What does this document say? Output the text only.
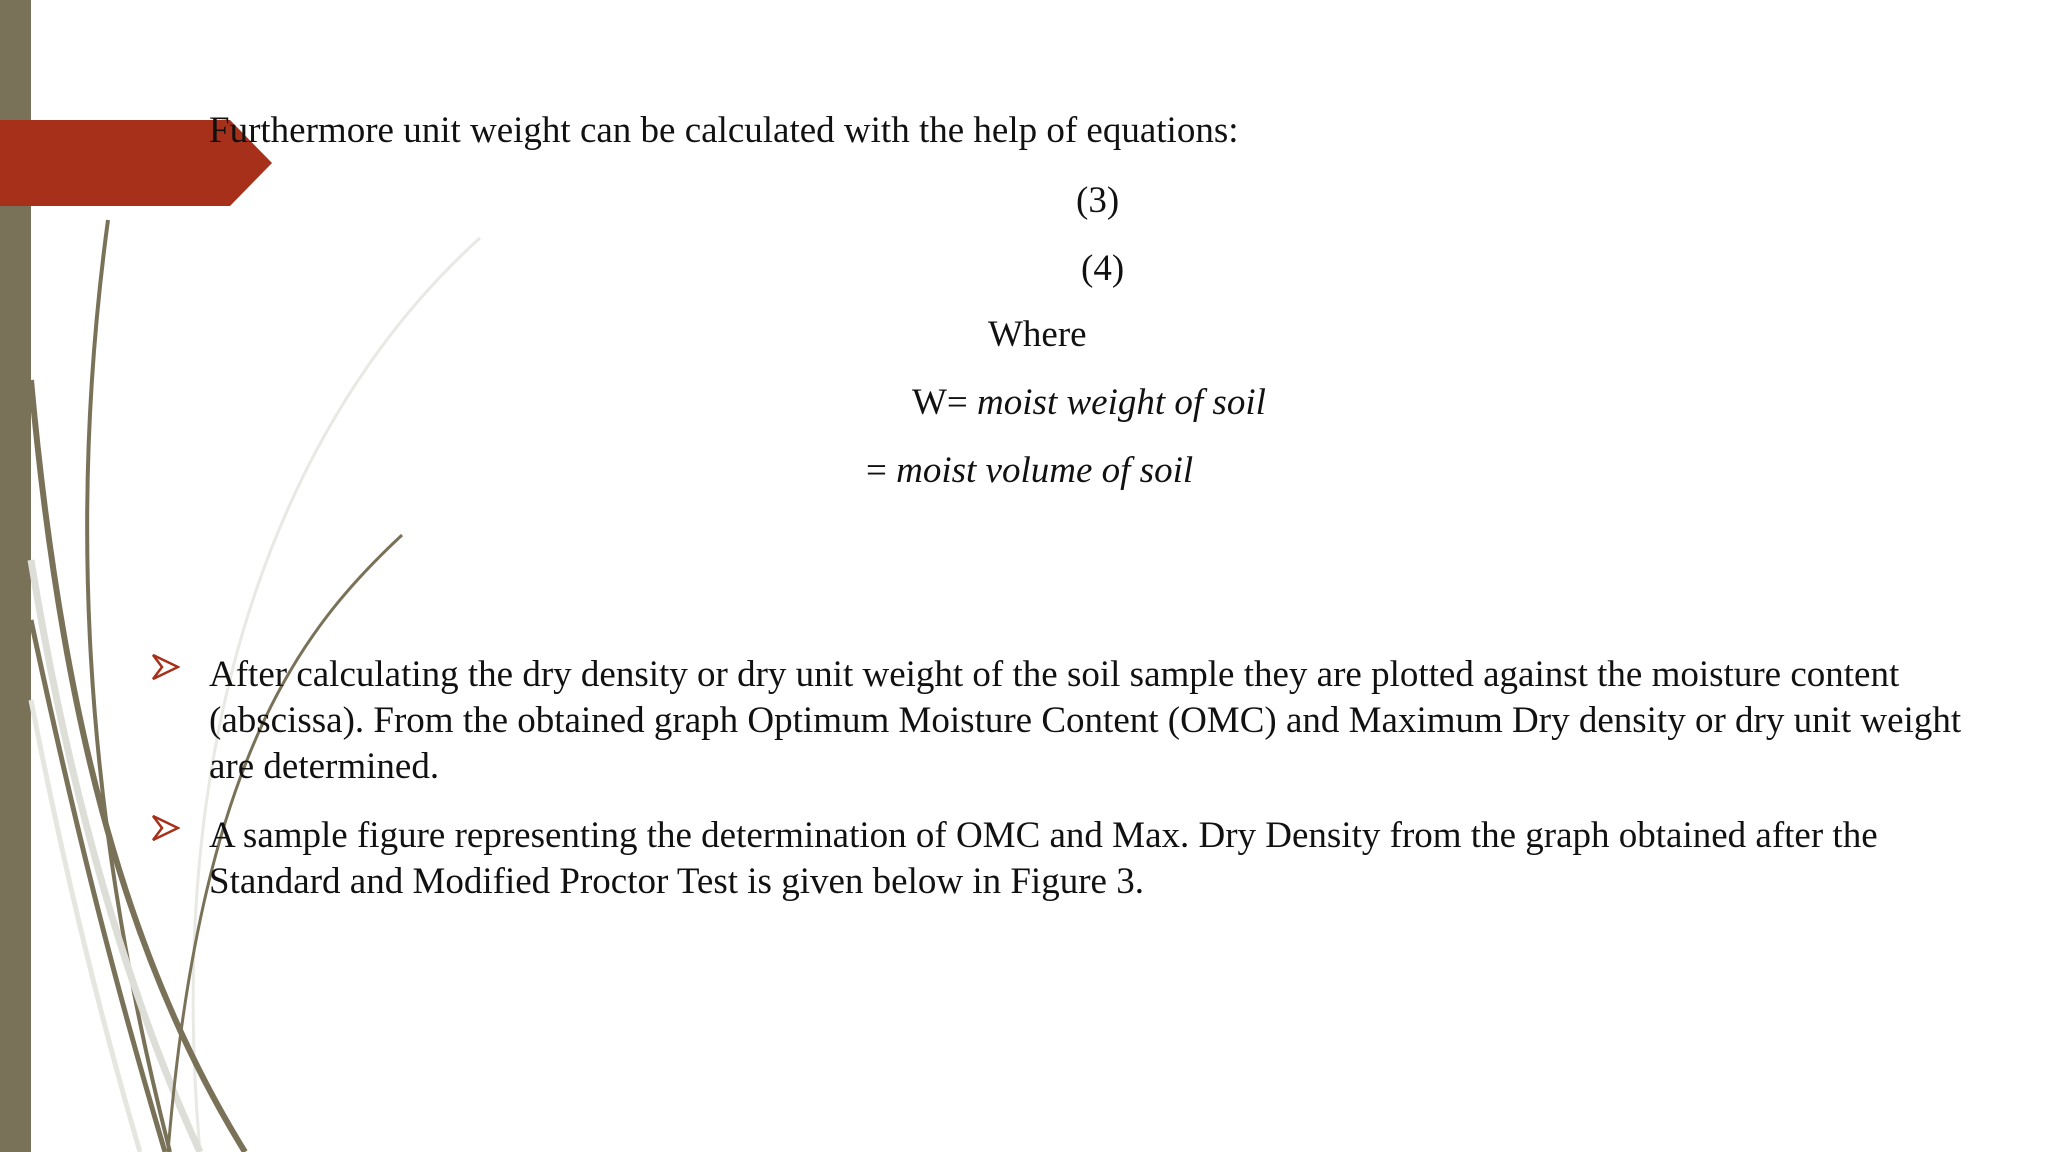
Furthermore unit weight can be calculated with the help of equations:
(3)
(4)
Where
W= moist weight of soil
= moist volume of soil
After calculating the dry density or dry unit weight of the soil sample they are plotted against the moisture content (abscissa). From the obtained graph Optimum Moisture Content (OMC) and Maximum Dry density or dry unit weight are determined.
A sample figure representing the determination of OMC and Max. Dry Density from the graph obtained after the Standard and Modified Proctor Test is given below in Figure 3.
